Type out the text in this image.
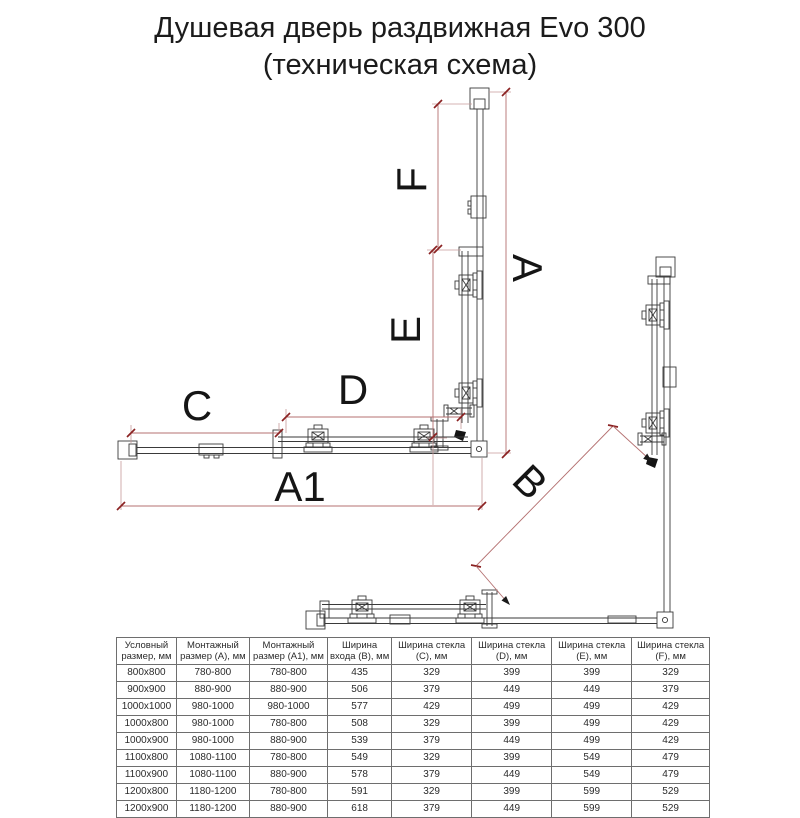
Душевая дверь раздвижная Evo 300
(техническая схема)
C	D
E
F
A
A1	B
Условный размер, мм	Монтажный размер (A), мм	Монтажный размер (A1), мм	Ширина входа (B), мм	Ширина стекла (C), мм	Ширина стекла (D), мм	Ширина стекла (E), мм	Ширина стекла (F), мм
800x800	780-800	780-800	435	329	399	399	329
900x900	880-900	880-900	506	379	449	449	379
1000x1000	980-1000	980-1000	577	429	499	499	429
1000x800	980-1000	780-800	508	329	399	499	429
1000x900	980-1000	880-900	539	379	449	499	429
1100x800	1080-1100	780-800	549	329	399	549	479
1100x900	1080-1100	880-900	578	379	449	549	479
1200x800	1180-1200	780-800	591	329	399	599	529
1200x900	1180-1200	880-900	618	379	449	599	529
